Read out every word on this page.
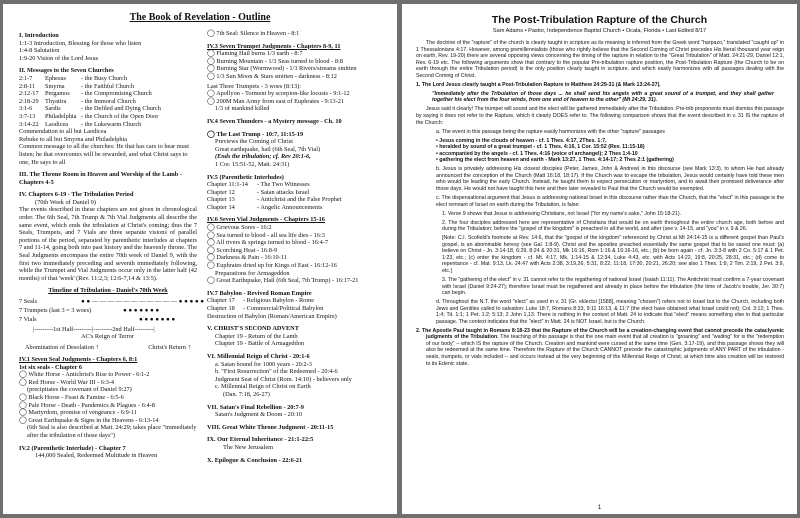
The Book of Revelation - Outline
I. Introduction
1:1-3 Introduction, Blessing for those who listen
1:4-8 Salutation
1:9-20 Vision of the Lord Jesus
II. Messages to the Seven Churches
2:1-7 Ephesus - the Busy Church
2:8-11 Smyrna	- the Faithful Church
2:12-17 Pergamos - the Compromising Church
2:18-29 Thyatira - the Immoral Church
3:1-6 Sardis	- the Defiled and Dying Church
3:7-13 Philadelphia - the Church of the Open Door
3:14-22 Laodicea - the Lukewarm Church
Commendation to all but Laodicea
Rebuke to all but Smyrna and Philadelphia
Common message to all the churches: He that has cars to hear must listen; he that overcomes will be rewarded, and what Christ says to one, He says to all
III. The Throne Room in Heaven and Worship of the Lamb - Chapters 4-5
IV. Chapters 6-19 - The Tribulation Period
(70th Week of Daniel 9)
The events described in these chapters are not given in chronological order. The 6th Seal, 7th Trump & 7th Vial Judgments all describe the same event, which ends the tribulation at Christ's coming; thus the 7 Seals, Trumpets, and 7 Vials are three separate visions of parallel portions of the period, separated by parenthetic interludes at chapters 7 and 11-14, going both into past history and the heavenly throne. The Seal Judgments encompass the entire 70th week of Daniel 9, with the first two immediately preceding and seventh immediately following, while the Trumpet and Vial Judgments occur only in the latter half (42 months) of that 'week' (Rev. 11:2,3; 12:6-7,14 & 13:5).
Timeline of Tribulation - Daniel's 70th Week
7 Seals	●●———————————●●●●●
7 Trumpets (last 3 = 3 woes)	●●●●●●●
7 Vials	●●●●●●●
|---------1st Half---------|---------2nd Half---------|
AC's Reign of Terror
Abomination of Desolation ↑	Christ's Return ↑
IV.1 Seven Seal Judgments - Chapters 6, 8:1
1st six seals - Chapter 6
◯ White Horse - Antichrist's Rise to Power - 6:1-2
◯ Red Horse - World War III - 6:3-4
(precipitates the covenant of Daniel 9:27)
◯ Black Horse - Feast & Famine - 6:5-6
◯ Pale Horse - Death - Pandemics & Plagues - 6:4-8
◯ Martyrdom, promise of vengeance - 6:9-11
◯ Great Earthquake & Signs in the Heavens - 6:13-14
(6th Seal is also described at Matt. 24:29; takes place "immediately after the tribulation of those days")
IV.2 (Parenthetic Interlude) - Chapter 7
144,000 Sealed, Redeemed Multitude in Heaven
◯ 7th Seal: Silence in Heaven - 8:1
IV.3 Seven Trumpet Judgments - Chapters 8-9, 11
◯ Flaming Hail burns 1/3 earth - 8:7
◯ Burning Mountain - 1/3 Seas turned to blood - 8:8
◯ Burning Star (Wormwood) - 1/3 Rivers/streams smitten
◯ 1/3 Sun Moon & Stars smitten - darkness - 8:12
Last Three Trumpets - 3 woes (8:13):
◯ Apollyon - Torment by scorpion-like locusts - 9:1-12
◯ 200M Man Army from east of Euphrates - 9:13-21
1/3 of mankind killed
IV.4 Seven Thunders - a Mystery message - Ch. 10
◯ The Last Trump - 10:7, 11:15-19
Previews the Coming of Christ
Great earthquake, hail (6th Seal, 7th Vial)
(Ends the tribulation; cf. Rev 20:1-6,
1 Cor. 15:51-52, Matt. 24:31)
IV.5 (Parenthetic Interludes)
Chapter 11:1-14 - The Two Witnesses
Chapter 12	- Satan attacks Israel
Chapter 13	- Antichrist and the False Prophet
Chapter 14	- Angelic Announcements
IV.6 Seven Vial Judgments - Chapters 15-16
◯ Grievous Sores - 16:2
◯ Sea turned to blood - all sea life dies - 16:3
◯ All rivers & springs turned to blood - 16:4-7
◯ Scorching Heat - 16:8-9
◯ Darkness & Pain - 16:10-11
◯ Euphrates dried up for Kings of East - 16:12-16
Preparations for Armageddon
◯ Great Earthquake, Hail (6th Seal, 7th Trump) - 16:17-21
IV.7 Babylon - Revived Roman Empire
Chapter 17 - Religious Babylon - Rome
Chapter 18 - Commercial/Political Babylon
Destruction of Babylon (Roman/American Empire)
V. CHRIST'S SECOND ADVENT
Chapter 19 - Return of the Lamb
Chapter 19 - Battle of Armageddon
VI. Millennial Reign of Christ - 20:1-6
a. Satan bound for 1000 years - 20:2-3
b. "First Resurrection" of the Redeemed - 20:4-6
Judgment Seat of Christ (Rom. 14:10) - believers only
c. Millennial Reign of Christ on Earth
(Dan. 7:18, 26-27)
VII. Satan's Final Rebellion - 20:7-9
Satan's Judgment & Doom - 20:10
VIII. Great White Throne Judgment - 20:11-15
IX. Our Eternal Inheritance - 21:1-22:5
The New Jerusalem
X. Epilogue & Conclusion - 22:6-21
The Post-Tribulation Rapture of the Church
Sam Adams • Pastor, Independence Baptist Church • Ocala, Florida • Last Edited 8/17

The doctrine of the "rapture" of the church is clearly taught in scripture as its meaning is inferred from the Greek word "harpazo," translated "caught up" in 1 Thessalonians 4:17. However, among premillennialists (those who rightly believe that the Second Coming of Christ precedes His literal thousand year reign on earth, Rev. 19-20) there are several opposing views concerning the timing of the rapture in relation to the "Great Tribulation" of Matt. 24:21-29, Daniel 12:1, Rev. 6-19 etc. The following arguments show that contrary to the popular Pre-tribulation rapture position, the Post-Tribulation Rapture (the Church to be on earth through the entire Tribulation period) is the only position clearly taught in scripture, and which easily harmonizes with all passages dealing with the Second Coming of Christ.

1. The Lord Jesus clearly taught a Post-Tribulation Rapture in Matthew 24:29-31 (& Mark 13:24-27).

"Immediately after the Tribulation of those days ... he shall send his angels with a great sound of a trumpet, and they shall gather together his elect from the four winds, from one end of heaven to the other" (Mt 24:29, 31).

Jesus said it clearly! The trumpet will sound and the elect will be gathered immediately after the Tribulation. Pre-trib proponents must dismiss this passage by saying it does not refer to the Rapture, which it clearly DOES refer to. The following comparison shows that the event described in v. 31 IS the rapture of the Church:

a. The event in this passage being the rapture easily harmonizes with the other "rapture" passages

• Jesus coming in the clouds of heaven - cf. 1 Thes. 4:17, 2Thes. 1:7,
• heralded by sound of a great trumpet - cf. 1 Thes. 4:16, 1 Cor. 15:52 (Rev. 11:15-18)
• accompanied by the angels - cf. 1 Thes. 4:16 (voice of archangel); 2 Thes 1:4-10

• gathering the elect from heaven and earth - Mark 13:27, 1 Thes. 4:14-17; 2 Thes 2:1 (gathering)

b. Jesus is privately addressing His closest disciples (Peter, James, John & Andrew) in this discourse (see Mark 13:3), to whom He had already announced the conception of the Church (Matt 16:18, 18:17). If the Church was to escape the tribulation, Jesus would certainly have told these men who would be leading the early Church. Instead, he taught them to expect persecution or martyrdom, and to await their promised deliverance after those days. He would not have taught this here and then later revealed to Paul that the Church would be exempted.

c. The dispensational argument that Jesus is addressing national Israel in this discourse rather than the Church, that the "elect" in this passage is the elect remnant of Israel on earth during the Tribulation, is false:

1. Verse 9 shows that Jesus is addressing Christians, not Israel ("for my name's sake," John 15:18-21).

2. The four disciples addressed here are representative of Christians that would be on earth throughout the entire church age, both before and during the Tribulation; before the "gospel of the kingdom" is preached in all the world, and after (see v. 14-15, and "you" in v. 9 & 26.

[Note: C.I. Scofield's footnote at Rev. 14:6, that the "gospel of the kingdom" referenced by Christ at Mt 24:14-15 is a different gospel than Paul's gospel, is an abominable heresy (see Gal. 1:8-9). Christ and the apostles preached essentially the same gospel that to be saved one must: (a) believe on Christ - Jn. 3:14-18, 6:29, 8:24 & 20:31, Mk 16:16, Rom 1:16 & 16:16-16, etc.; (b) be born again - cf. Jn. 3:3-8 with 2 Co. 5:17 & 1 Pet. 1:23, etc.; (c) enter the kingdom - cf. Mt. 4:17, Mk. 1:14-15 & 12:34, Luke 4:43, etc. with Acts 14:22, 19:8, 20:25, 28:31, etc.; (d) come to repentance - cf. Mat. 9:13, Lk. 24:47 with Acts 2:38, 3:19,26, 5:31, 8:22, 11:18, 17:30, 20:21, 26:20; see also 1 Thes. 1:9, 2 Tim. 2:19, 2 Pet. 3:9, etc.]

3. The "gathering of the elect" in v. 31 cannot refer to the regathering of national Israel (Isaiah 11:11). The Antichrist must confirm a 7-year covenant with Israel (Daniel 9:24-27); therefore Israel must be regathered and already in place before the tribulation (the time of Jacob's trouble, Jer. 30:7) can begin.

d. Throughout the N.T. the word "elect" as used in v. 31 (Gr. eklectoi [1588], meaning "chosen") refers not to Israel but to the Church, including both Jews and Gentiles called to salvation: Luke 18:7, Romans 8:33, 9:11 16:13, & 11:7 (the elect have obtained what Israel could not); Col. 3:12; 1 Thes. 1:4; Tit. 1:1; 1 Pet. 1:2; 5:13; 2 John 1,13. There is nothing in the context of Matt. 24 to indicate that "elect" means something else in that particular passage. The context indicates that the "elect" in Matt. 24 is NOT Israel, but is the Church.

2. The Apostle Paul taught in Romans 8:18-23 that the Rapture of the Church will be a creation-changing event that cannot precede the cataclysmic judgments of the Tribulation. The teaching of this passage is that the one main event that all creation is "groaning" and "waiting" for is the "redemption of our body" -- which IS the rapture of the Church. Creation and mankind were cursed at the same time (Gen. 3:17-19), and this passage shows they will also be redeemed at the same time. Therefore the Rapture of the Church CANNOT precede the catastrophic judgments of ANY PART of the tribulation - seals, trumpets, or vials included -- and occurs instead at the very beginning of the Millennial Reign of Christ, at which time also creation will be restored to its Edenic state.

1
